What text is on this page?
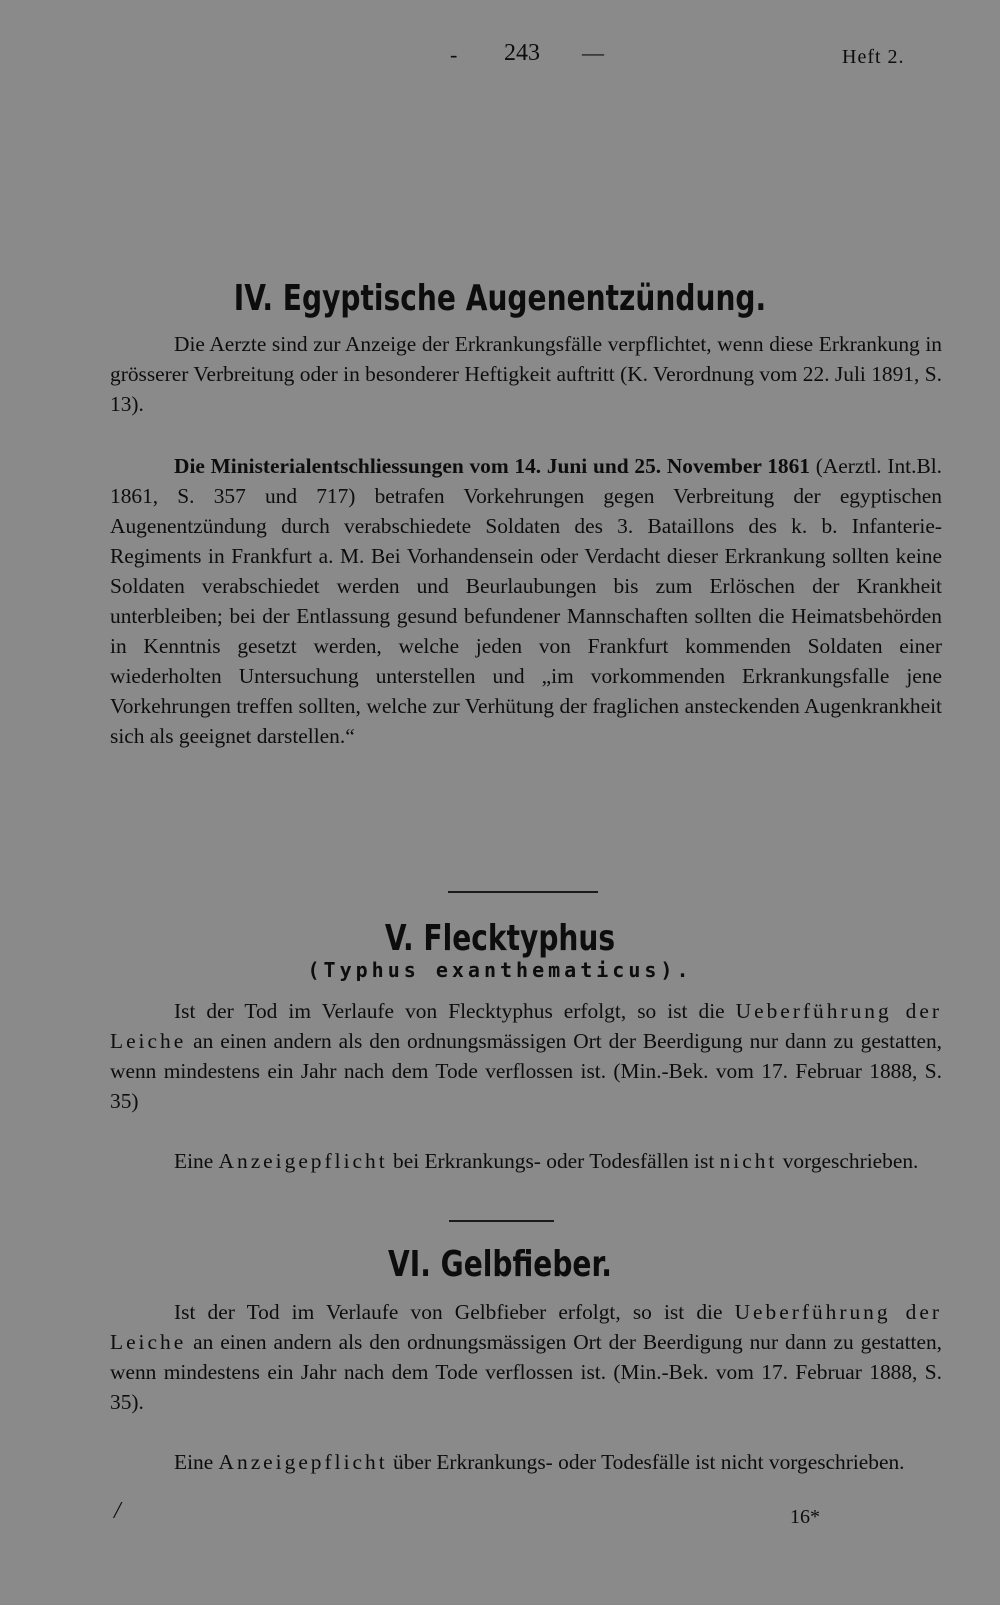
- 243 —	Heft 2.
IV. Egyptische Augenentzündung.

Die Aerzte sind zur Anzeige der Erkrankungsfälle verpflichtet, wenn diese Erkrankung in grösserer Verbreitung oder in besonderer Heftigkeit auftritt (K. Verordnung vom 22. Juli 1891, S. 13).

Die Ministerialentschliessungen vom 14. Juni und 25. November 1861 (Aerztl. Int.Bl. 1861, S. 357 und 717) betrafen Vorkehrungen gegen Verbreitung der egyptischen Augenentzündung durch verabschiedete Soldaten des 3. Bataillons des k. b. Infanterie-Regiments in Frankfurt a. M. Bei Vorhandensein oder Verdacht dieser Erkrankung sollten keine Soldaten verabschiedet werden und Beurlaubungen bis zum Erlöschen der Krankheit unterbleiben; bei der Entlassung gesund befundener Mannschaften sollten die Heimatsbehörden in Kenntnis gesetzt werden, welche jeden von Frankfurt kommenden Soldaten einer wiederholten Untersuchung unterstellen und „im vorkommenden Erkrankungsfalle jene Vorkehrungen treffen sollten, welche zur Verhütung der fraglichen ansteckenden Augenkrankheit sich als geeignet darstellen.“

V. Flecktyphus
(Typhus exanthematicus).

Ist der Tod im Verlaufe von Flecktyphus erfolgt, so ist die Ueberführung der Leiche an einen andern als den ordnungsmässigen Ort der Beerdigung nur dann zu gestatten, wenn mindestens ein Jahr nach dem Tode verflossen ist. (Min.-Bek. vom 17. Februar 1888, S. 35)

Eine Anzeigepflicht bei Erkrankungs- oder Todesfällen ist nicht vorgeschrieben.

VI. Gelbfieber.

Ist der Tod im Verlaufe von Gelbfieber erfolgt, so ist die Ueberführung der Leiche an einen andern als den ordnungsmässigen Ort der Beerdigung nur dann zu gestatten, wenn mindestens ein Jahr nach dem Tode verflossen ist. (Min.-Bek. vom 17. Februar 1888, S. 35).

Eine Anzeigepflicht über Erkrankungs- oder Todesfälle ist nicht vorgeschrieben.

/	16*
